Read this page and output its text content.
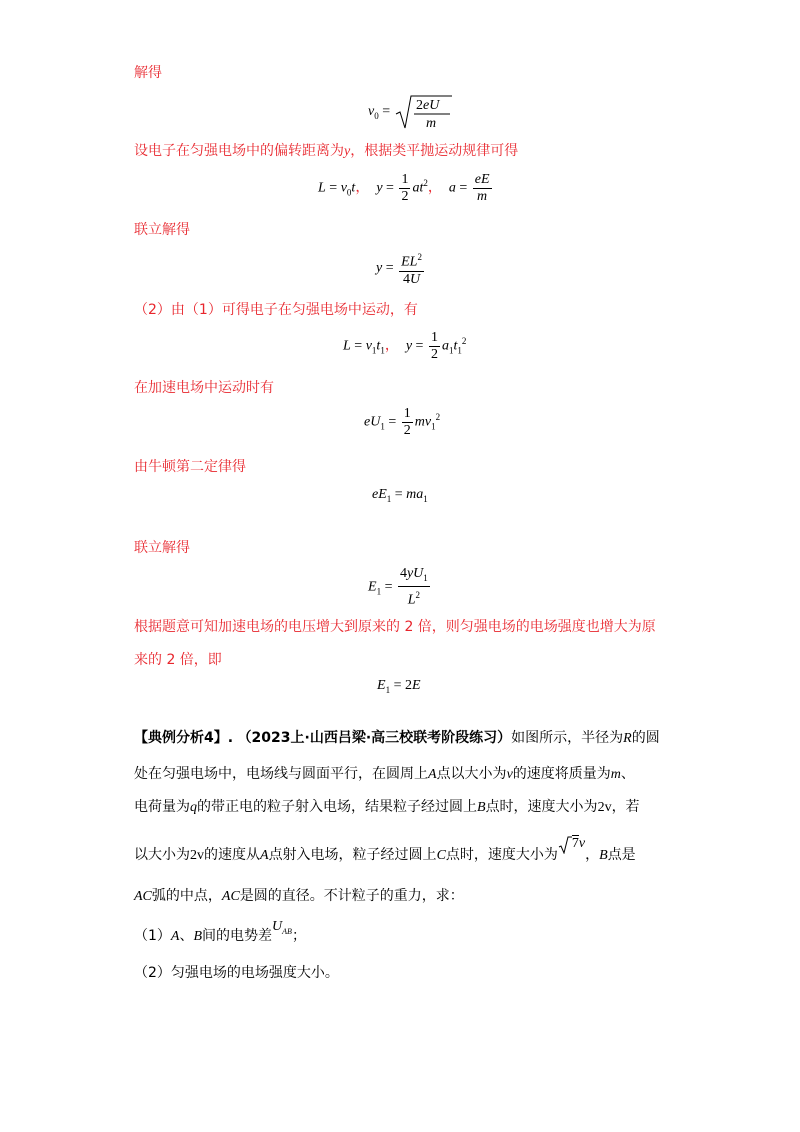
解得
$v_0 = 2eU$
m
设电子在匀强电场中的偏转距离为y，根据类平抛运动规律可得
$L = v_0t$， $y = \frac{1}{2} at^2$， $a = \frac{eE}{m}$
联立解得
$y = \frac{EL^2}{4U}$
（2）由（1）可得电子在匀强电场中运动，有
$L = v_1t_1$， $y = \frac{1}{2} a_1t_1^2$
在加速电场中运动时有
$eU_1 = \frac{1}{2} mv_1^2$
由牛顿第二定律得
$eE_1 = ma_1$
联立解得
$E_1 = \frac{4yU_1}{L^2}$
根据题意可知加速电场的电压增大到原来的 2 倍，则匀强电场的电场强度也增大为原
来的 2 倍，即
$E_1 = 2E$
【典例分析4】. （2023上·山西吕梁·高三校联考阶段练习）如图所示，半径为R的圆
处在匀强电场中，电场线与圆面平行，在圆周上A点以大小为v的速度将质量为m、
电荷量为q的带正电的粒子射入电场，结果粒子经过圆上B点时，速度大小为2v，若
以大小为2v的速度从A点射入电场，粒子经过圆上C点时，速度大小为7v，B点是
AC弧的中点，AC是圆的直径。不计粒子的重力，求：
（1）A、B间的电势差$U_{AB}$；
（2）匀强电场的电场强度大小。
